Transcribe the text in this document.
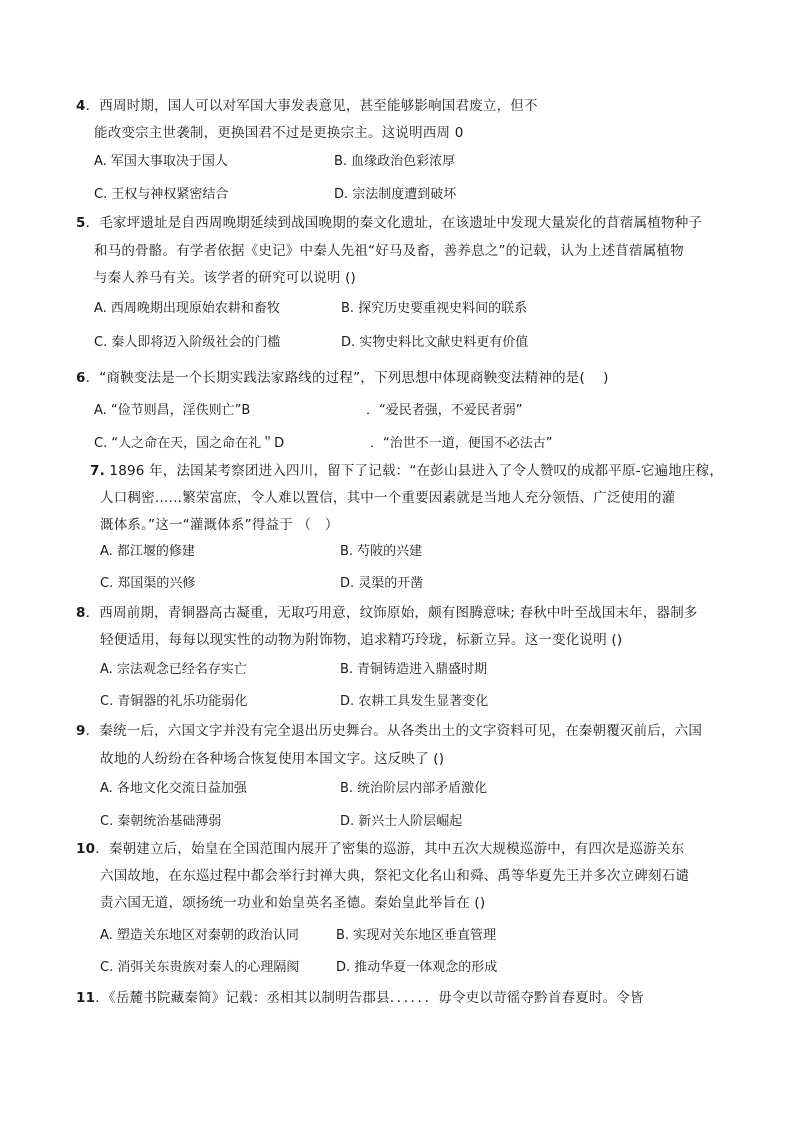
4．西周时期，国人可以对军国大事发表意见，甚至能够影响国君废立，但不
能改变宗主世袭制，更换国君不过是更换宗主。这说明西周 0
A. 军国大事取决于国人	B. 血缘政治色彩浓厚
C. 王权与神权紧密结合	D. 宗法制度遭到破坏
5．毛家坪遗址是自西周晚期延续到战国晚期的秦文化遗址，在该遗址中发现大量炭化的苜蓿属植物种子
和马的骨骼。有学者依据《史记》中秦人先祖“好马及畜，善养息之”的记载，认为上述苜蓿属植物
与秦人养马有关。该学者的研究可以说明 ()
A. 西周晚期出现原始农耕和畜牧	B. 探究历史要重视史料间的联系
C. 秦人即将迈入阶级社会的门槛	D. 实物史料比文献史料更有价值
6．“商鞅变法是一个长期实践法家路线的过程”，下列思想中体现商鞅变法精神的是(　 )
A. “俭节则昌，淫佚则亡”B	．“爱民者强，不爱民者弱”
C. “人之命在天，国之命在礼＂D	．“治世不一道，便国不必法古”
7. 1896 年，法国某考察团进入四川，留下了记载：“在彭山县进入了令人赞叹的成都平原-它遍地庄稼，
人口稠密……繁荣富庶，令人难以置信，其中一个重要因素就是当地人充分领悟、广泛使用的灌
溉体系。”这一“灌溉体系”得益于 （　）
A. 都江堰的修建	B. 芍陂的兴建
C. 郑国渠的兴修	D. 灵渠的开凿
8．西周前期，青铜器高古凝重，无取巧用意，纹饰原始，颇有图腾意味; 春秋中叶至战国末年，器制多
轻便适用，每每以现实性的动物为附饰物，追求精巧玲珑，标新立异。这一变化说明 ()
A. 宗法观念已经名存实亡	B. 青铜铸造进入鼎盛时期
C. 青铜器的礼乐功能弱化	D. 农耕工具发生显著变化
9．秦统一后，六国文字并没有完全退出历史舞台。从各类出土的文字资料可见，在秦朝覆灭前后，六国
故地的人纷纷在各种场合恢复使用本国文字。这反映了 ()
A. 各地文化交流日益加强	B. 统治阶层内部矛盾激化
C. 秦朝统治基础薄弱	D. 新兴士人阶层崛起
10．秦朝建立后，始皇在全国范围内展开了密集的巡游，其中五次大规模巡游中，有四次是巡游关东
六国故地，在东巡过程中都会举行封禅大典，祭祀文化名山和舜、禹等华夏先王并多次立碑刻石谴
责六国无道，颂扬统一功业和始皇英名圣德。秦始皇此举旨在 ()
A. 塑造关东地区对秦朝的政治认同	B. 实现对关东地区垂直管理
C. 消弭关东贵族对秦人的心理隔阂	D. 推动华夏一体观念的形成
11．《岳麓书院藏秦简》记载：丞相其以制明告郡县．．．．．．毋令吏以苛徭夺黔首春夏时。令皆
